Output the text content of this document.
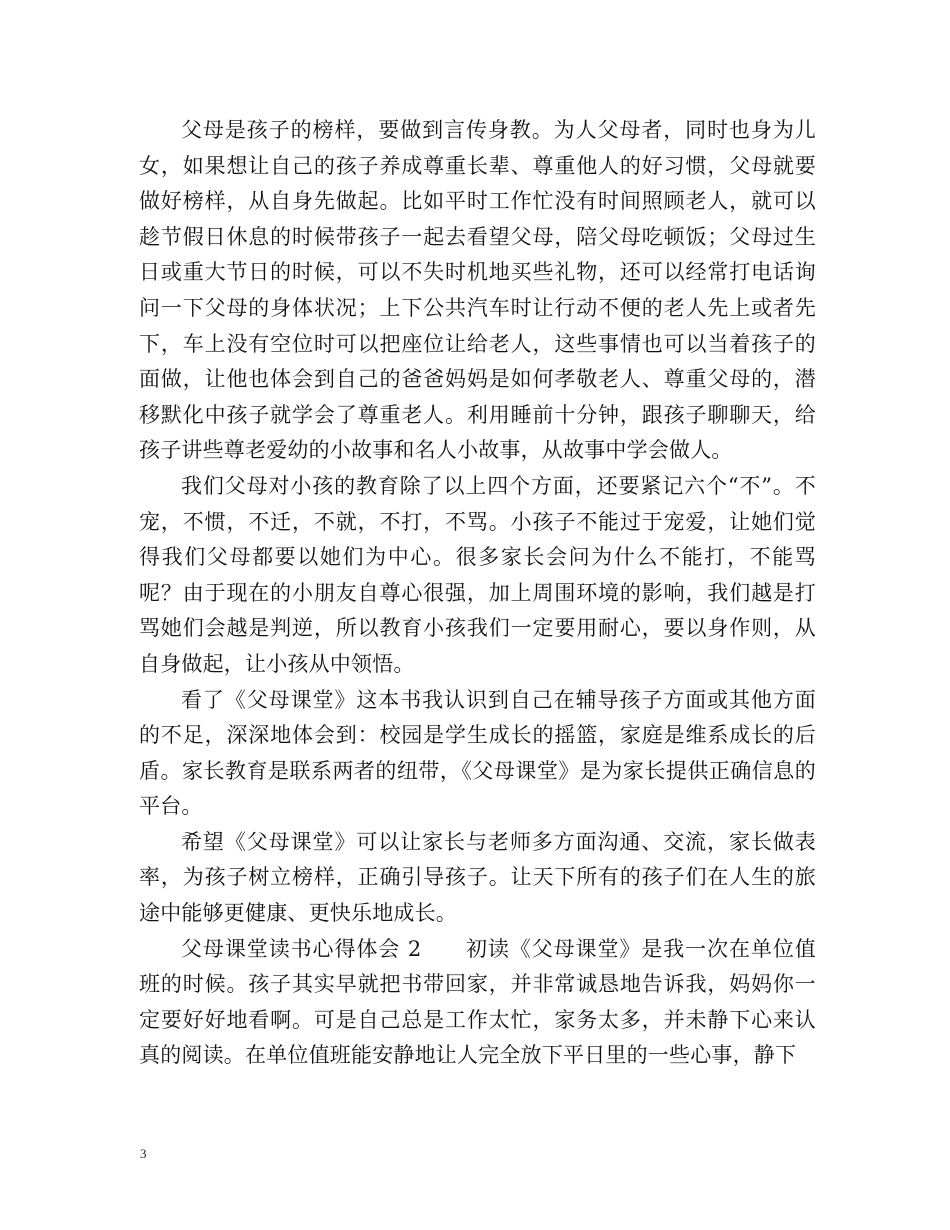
父母是孩子的榜样，要做到言传身教。为人父母者，同时也身为儿女，如果想让自己的孩子养成尊重长辈、尊重他人的好习惯，父母就要做好榜样，从自身先做起。比如平时工作忙没有时间照顾老人，就可以趁节假日休息的时候带孩子一起去看望父母，陪父母吃顿饭；父母过生日或重大节日的时候，可以不失时机地买些礼物，还可以经常打电话询问一下父母的身体状况；上下公共汽车时让行动不便的老人先上或者先下，车上没有空位时可以把座位让给老人，这些事情也可以当着孩子的面做，让他也体会到自己的爸爸妈妈是如何孝敬老人、尊重父母的，潜移默化中孩子就学会了尊重老人。利用睡前十分钟，跟孩子聊聊天，给孩子讲些尊老爱幼的小故事和名人小故事，从故事中学会做人。

我们父母对小孩的教育除了以上四个方面，还要紧记六个“不”。不宠，不惯，不迁，不就，不打，不骂。小孩子不能过于宠爱，让她们觉得我们父母都要以她们为中心。很多家长会问为什么不能打，不能骂呢？由于现在的小朋友自尊心很强，加上周围环境的影响，我们越是打骂她们会越是判逆，所以教育小孩我们一定要用耐心，要以身作则，从自身做起，让小孩从中领悟。

看了《父母课堂》这本书我认识到自己在辅导孩子方面或其他方面的不足，深深地体会到：校园是学生成长的摇篮，家庭是维系成长的后盾。家长教育是联系两者的纽带，《父母课堂》是为家长提供正确信息的平台。

希望《父母课堂》可以让家长与老师多方面沟通、交流，家长做表率，为孩子树立榜样，正确引导孩子。让天下所有的孩子们在人生的旅途中能够更健康、更快乐地成长。

父母课堂读书心得体会 2　　初读《父母课堂》是我一次在单位值班的时候。孩子其实早就把书带回家，并非常诚恳地告诉我，妈妈你一定要好好地看啊。可是自己总是工作太忙，家务太多，并未静下心来认真的阅读。在单位值班能安静地让人完全放下平日里的一些心事，静下

3
